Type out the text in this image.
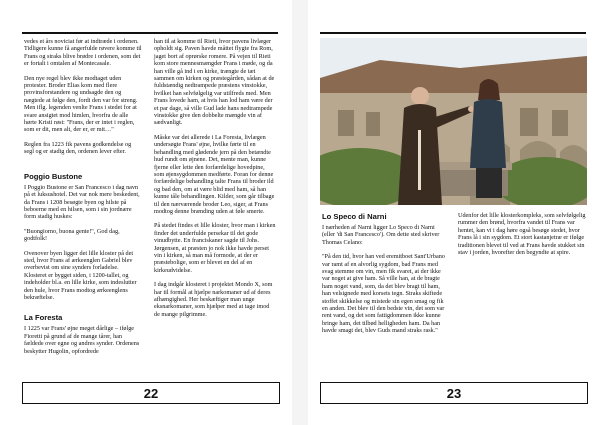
vedes et års noviciat før at indtræde i ordenen. Tidligere kunne få angerfulde røvere komme til Frans og straks blive brødre i ordenen, som det er fortalt i omtalen af Montecasale.

Den nye regel blev ikke modtaget uden protester. Broder Elias kom med flere provinsforstandere og undsagde den og nægtede at følge den, fordi den var for streng. Men iflg. legenden venlte Frans i stedet for at svare ansigtet mod himlen, hvorfra de alle hørte Kristi røst: "Frans, der er intet i reglen, som er dit, men alt, der er, er mit…"

Reglen fra 1223 fik pavens godkendelse og segl og er stadig den, ordenen lever efter.

Poggio Bustone

I Poggio Bustone er San Francesco i dag navn på et luksushotel. Det var nok mere beskedent, da Frans i 1208 besøgte byen og hilste på beboerne med en hilsen, som i sin jordnære form stadig huskes:

"Buongiorno, buona gente!", God dag, godtfolk!

Ovenover byen ligger det lille kloster på det sted, hvor Frans af ærkeenglen Gabriel blev overbevist om sine synders forladelse. Klosteret er bygget siden, i 1200-tallet, og indeholder bl.a. en lille kirke, som indeslutter den hule, hvor Frans modtog ærkeenglens bekræftelse.

La Foresta

I 1225 var Frans' øjne meget dårlige – ifølge Fioretti på grund af de mange tårer, han fældede over egne og andres synder. Ordenens beskytter Hugolin, opfordrede

han til at komme til Rieti, hvor pavens livlæger opholdt sig. Paven havde måttet flygte fra Rom, jaget bort af oprørske romere. På vejen til Rieti kom store mennesmængder Frans i møde, og da han ville gå ind i en kirke, trængte de tæt sammen om kirken og præstegården, sådan at de fuldstændig nedtrampede præstens vinstokke, hvilket han selvfølgelig var utilfreds med. Men Frans lovede ham, at hvis han lod ham være der et par dage, så ville Gud lade hans nedtrampede vinstokke give den dobbelte mængde vin af sædvanligt.

Måske var det allerede i La Foresta, livlægen undersøgte Frans' øjne, hvilke førte til en behandling med glødende jern på den betændte hud rundt om øjnene. Det, mente man, kunne fjerne eller lette den forfærdelige hovedpine, som øjensygdommen medførte. Foran for denne forfærdelige behandling talte Frans til broder ild og bad den, om at være blid med ham, så han kunne tåle behandlingen. Kilder, som går tilbage til den nærværende broder Leo, siger, at Frans modtog denne brænding uden at føle smerte.

På stedet findes et lille kloster, hvor man i kirken finder det underfulde persekar til det gode vinudbytte. En franciskaner sagde til Johs. Jørgensen, at præsten jo nok ikke havde perset vin i kirken, så man må formode, at der er præstebolige, som er blevet en del af en kirkeudvidelse.

I dag indgår klosteret i projektet Mondo X, som har til formål at hjælpe narkomaner ud af deres afhængighed. Her beskæftiger man unge eksnarkomaner, som hjælper med at tage imod de mange pilgrimme.

22
Lo Speco di Narni

I nærheden af Narni ligger Lo Speco di Narni (eller 'di San Francesco'). Om dette sted skriver Thomas Celano:

"På den tid, hvor han ved eremitboet Sant'Urbano var ramt af en alvorlig sygdom, bad Frans med svag stemme om vin, men fik svaret, at der ikke var noget at give ham. Så ville han, at de bragte ham noget vand, som, da det blev bragt til ham, han velsignede med korsets tegn. Straks skiftede stoffet skikkelse og mistede sin egen smag og fik en anden. Det blev til den bedste vin, det som var rent vand, og det som fattigdommen ikke kunne bringe ham, det tilbød helligheden ham. Da han havde smagt det, blev Guds mand straks rask."

Udenfor det lille klosterkompleks, som selvfølgelig rummer den brønd, hvorfra vandet til Frans var hentet, kan vi i dag høre også besøge stedet, hvor Frans lå i sin sygdom. Et stort kastanjetræ er ifølge traditionen blevet til ved at Frans havde stukket sin stav i jorden, hvorefter den begyndte at spire.

23
